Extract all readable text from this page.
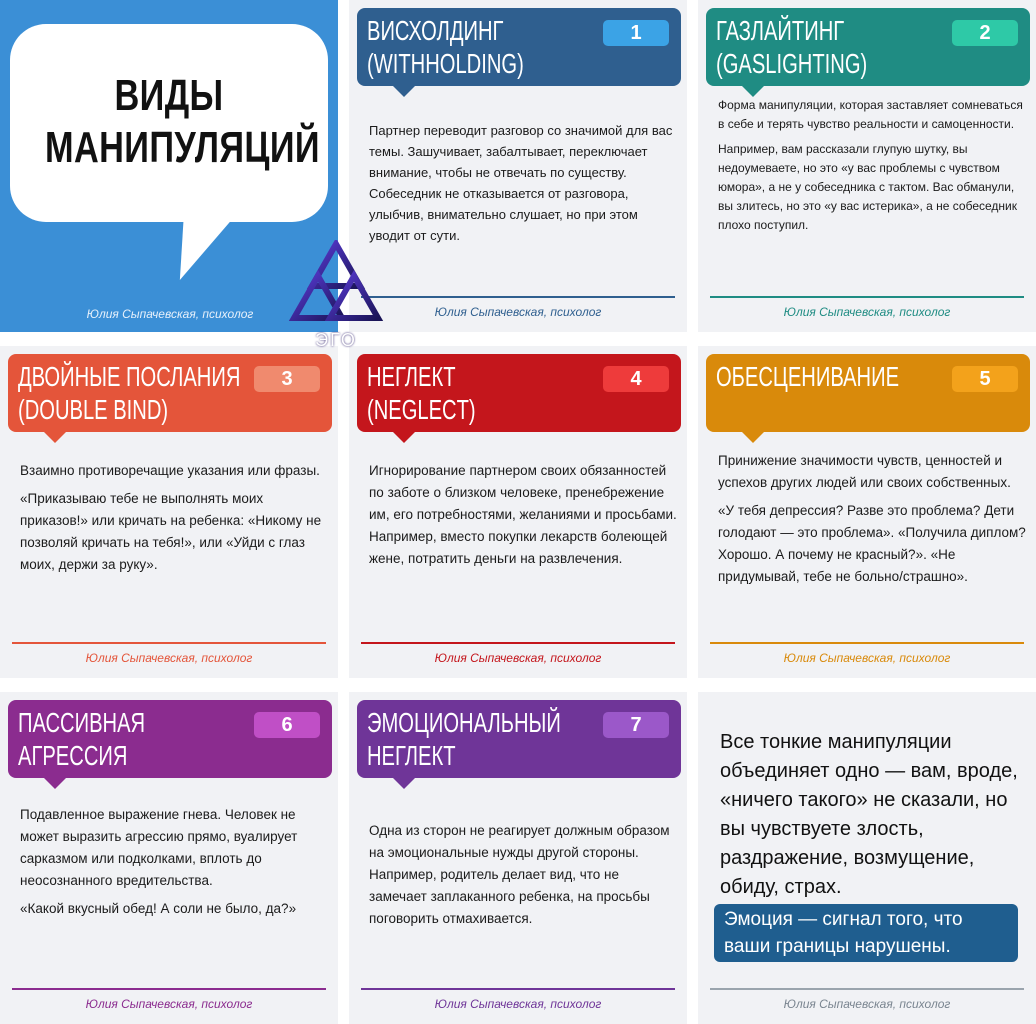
ВИДЫ
МАНИПУЛЯЦИЙ
Юлия Сыпачевская, психолог
ВИСХОЛДИНГ
(WITHHOLDING)
1

Партнер переводит разговор со значимой для вас темы. Зашучивает, забалтывает, переключает внимание, чтобы не отвечать по существу. Собеседник не отказывается от разговора, улыбчив, внимательно слушает, но при этом уводит от сути.

Юлия Сыпачевская, психолог
ГАЗЛАЙТИНГ
(GASLIGHTING)
2

Форма манипуляции, которая заставляет сомневаться в себе и терять чувство реальности и самоценности.

Например, вам рассказали глупую шутку, вы недоумеваете, но это «у вас проблемы с чувством юмора», а не у собеседника с тактом. Вас обманули, вы злитесь, но это «у вас истерика», а не собеседник плохо поступил.

Юлия Сыпачевская, психолог
ДВОЙНЫЕ ПОСЛАНИЯ
(DOUBLE BIND)
3

Взаимно противоречащие указания или фразы.

«Приказываю тебе не выполнять моих приказов!» или кричать на ребенка: «Никому не позволяй кричать на тебя!», или «Уйди с глаз моих, держи за руку».

Юлия Сыпачевская, психолог
НЕГЛЕКТ
(NEGLECT)
4

Игнорирование партнером своих обязанностей по заботе о близком человеке, пренебрежение им, его потребностями, желаниями и просьбами. Например, вместо покупки лекарств болеющей жене, потратить деньги на развлечения.

Юлия Сыпачевская, психолог
ОБЕСЦЕНИВАНИЕ	5

Принижение значимости чувств, ценностей и успехов других людей или своих собственных.

«У тебя депрессия? Разве это проблема? Дети голодают — это проблема». «Получила диплом? Хорошо. А почему не красный?». «Не придумывай, тебе не больно/страшно».

Юлия Сыпачевская, психолог
ПАССИВНАЯ
АГРЕССИЯ
6

Подавленное выражение гнева. Человек не может выразить агрессию прямо, вуалирует сарказмом или подколками, вплоть до неосознанного вредительства.

«Какой вкусный обед! А соли не было, да?»

Юлия Сыпачевская, психолог
ЭМОЦИОНАЛЬНЫЙ
НЕГЛЕКТ
7

Одна из сторон не реагирует должным образом на эмоциональные нужды другой стороны. Например, родитель делает вид, что не замечает заплаканного ребенка, на просьбы поговорить отмахивается.

Юлия Сыпачевская, психолог
Все тонкие манипуляции объединяет одно — вам, вроде, «ничего такого» не сказали, но вы чувствуете злость, раздражение, возмущение, обиду, страх.
Эмоция — сигнал того, что ваши границы нарушены.
Юлия Сыпачевская, психолог
ЭГО
